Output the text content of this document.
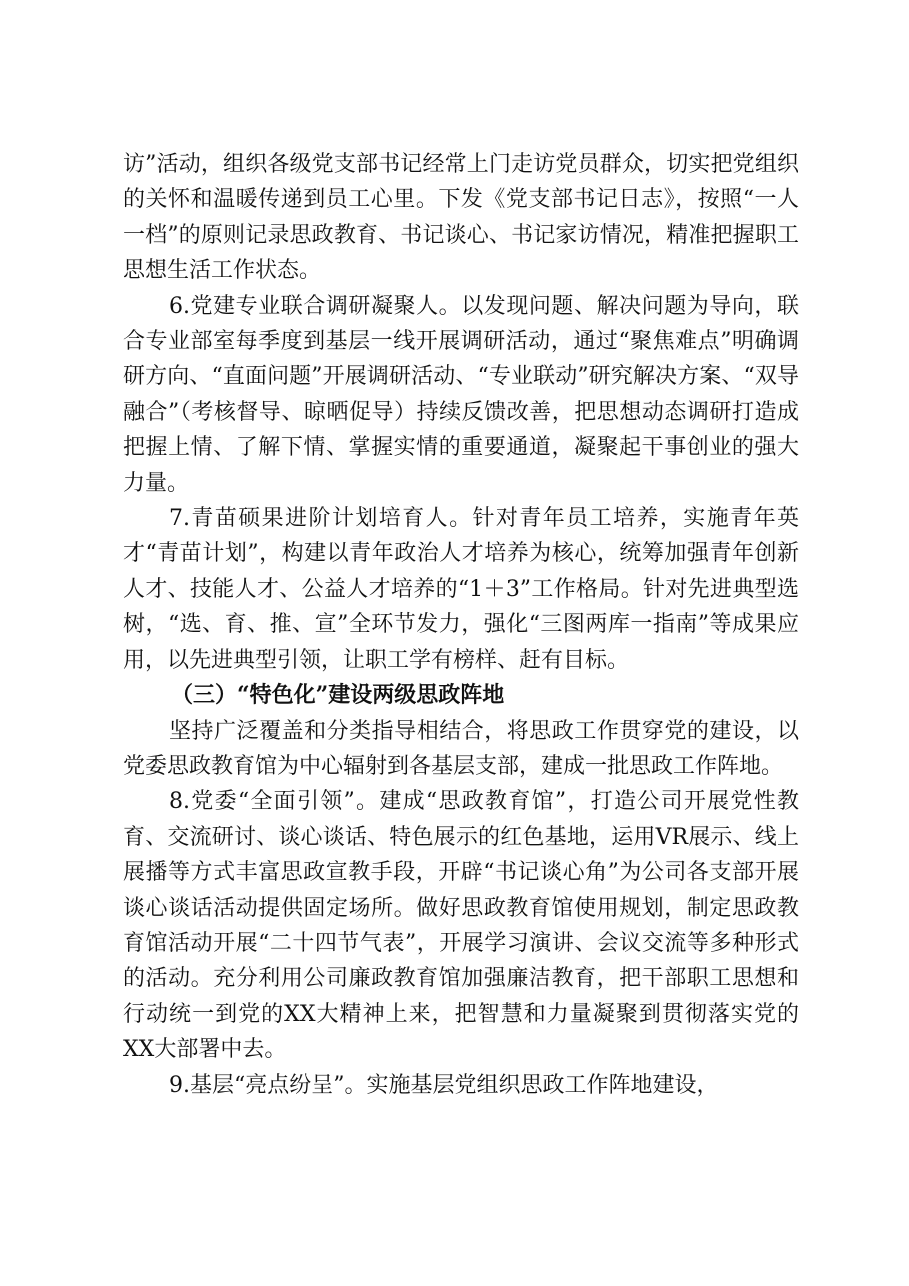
访”活动，组织各级党支部书记经常上门走访党员群众，切实把党组织的关怀和温暖传递到员工心里。下发《党支部书记日志》，按照“一人一档”的原则记录思政教育、书记谈心、书记家访情况，精准把握职工思想生活工作状态。

6.党建专业联合调研凝聚人。以发现问题、解决问题为导向，联合专业部室每季度到基层一线开展调研活动，通过“聚焦难点”明确调研方向、“直面问题”开展调研活动、“专业联动”研究解决方案、“双导融合”（考核督导、晾晒促导）持续反馈改善，把思想动态调研打造成把握上情、了解下情、掌握实情的重要通道，凝聚起干事创业的强大力量。

7.青苗硕果进阶计划培育人。针对青年员工培养，实施青年英才“青苗计划”，构建以青年政治人才培养为核心，统筹加强青年创新人才、技能人才、公益人才培养的“1＋3”工作格局。针对先进典型选树，“选、育、推、宣”全环节发力，强化“三图两库一指南”等成果应用，以先进典型引领，让职工学有榜样、赶有目标。

（三）“特色化”建设两级思政阵地

坚持广泛覆盖和分类指导相结合，将思政工作贯穿党的建设，以党委思政教育馆为中心辐射到各基层支部，建成一批思政工作阵地。

8.党委“全面引领”。建成“思政教育馆”，打造公司开展党性教育、交流研讨、谈心谈话、特色展示的红色基地，运用VR展示、线上展播等方式丰富思政宣教手段，开辟“书记谈心角”为公司各支部开展谈心谈话活动提供固定场所。做好思政教育馆使用规划，制定思政教育馆活动开展“二十四节气表”，开展学习演讲、会议交流等多种形式的活动。充分利用公司廉政教育馆加强廉洁教育，把干部职工思想和行动统一到党的XX大精神上来，把智慧和力量凝聚到贯彻落实党的XX大部署中去。

9.基层“亮点纷呈”。实施基层党组织思政工作阵地建设，
